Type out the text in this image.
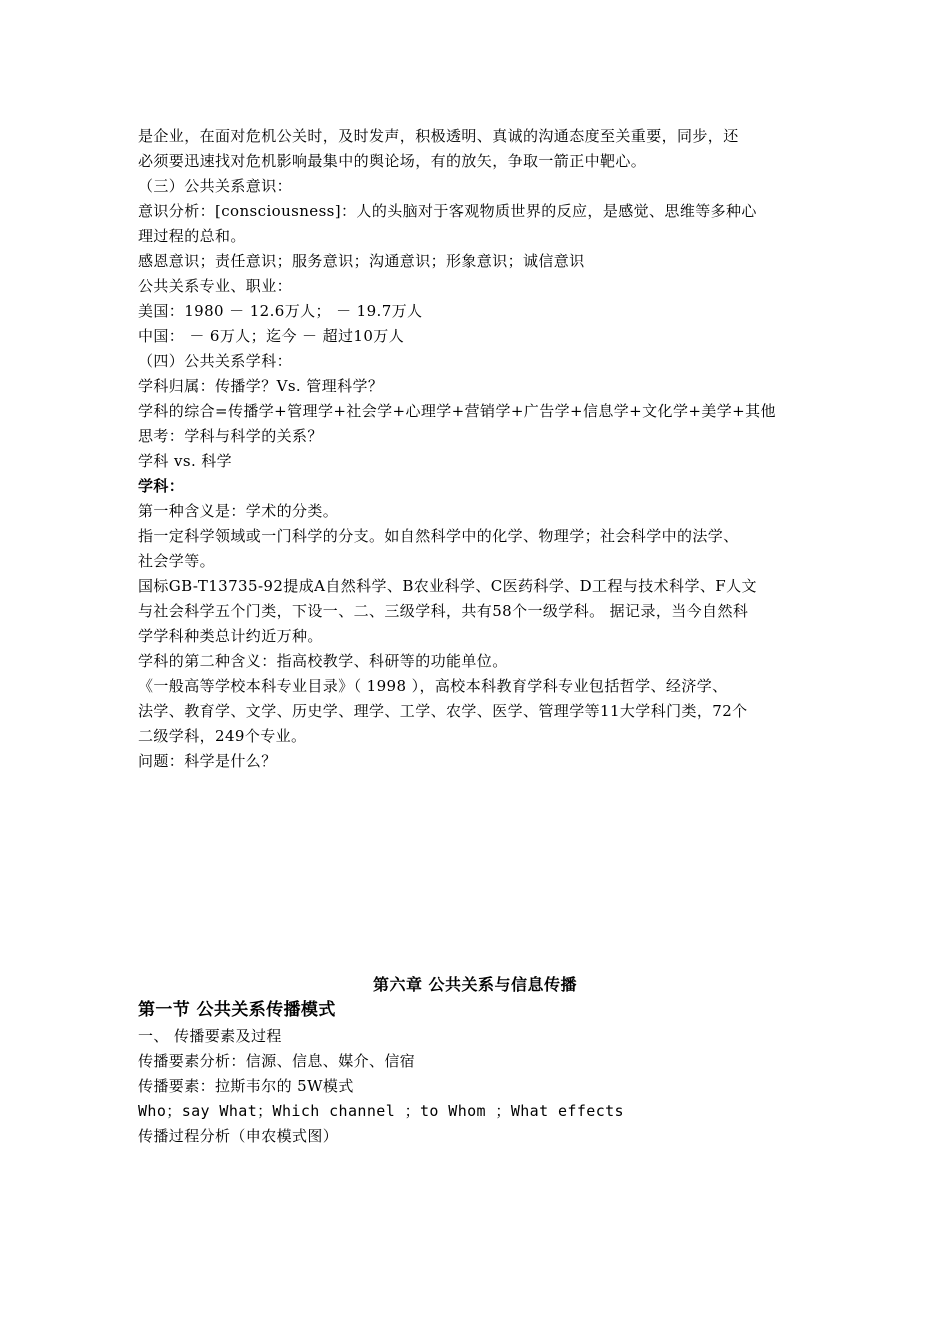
是企业，在面对危机公关时，及时发声，积极透明、真诚的沟通态度至关重要，同步，还
必须要迅速找对危机影响最集中的舆论场，有的放矢，争取一箭正中靶心。
（三）公共关系意识：
意识分析：[consciousness]：人的头脑对于客观物质世界的反应，是感觉、思维等多种心
理过程的总和。
感恩意识；责任意识；服务意识；沟通意识；形象意识；诚信意识
公共关系专业、职业：
美国：1980 － 12.6万人； － 19.7万人
中国： － 6万人；迄今 － 超过10万人
（四）公共关系学科：
学科归属：传播学？Vs. 管理科学？
学科的综合=传播学+管理学+社会学+心理学+营销学+广告学+信息学+文化学+美学+其他
思考：学科与科学的关系？
学科 vs. 科学
学科：
第一种含义是：学术的分类。
指一定科学领域或一门科学的分支。如自然科学中的化学、物理学；社会科学中的法学、
社会学等。
国标GB-T13735-92提成A自然科学、B农业科学、C医药科学、D工程与技术科学、F人文
与社会科学五个门类，下设一、二、三级学科，共有58个一级学科。 据记录，当今自然科
学学科种类总计约近万种。
学科的第二种含义：指高校教学、科研等的功能单位。
《一般高等学校本科专业目录》（ 1998 ），高校本科教育学科专业包括哲学、经济学、
法学、教育学、文学、历史学、理学、工学、农学、医学、管理学等11大学科门类，72个
二级学科，249个专业。
问题：科学是什么？
第六章 公共关系与信息传播
第一节 公共关系传播模式
一、 传播要素及过程
传播要素分析：信源、信息、媒介、信宿
传播要素：拉斯韦尔的 5W模式
Who；say What；Which channel ；to Whom ；What effects
传播过程分析（申农模式图）
